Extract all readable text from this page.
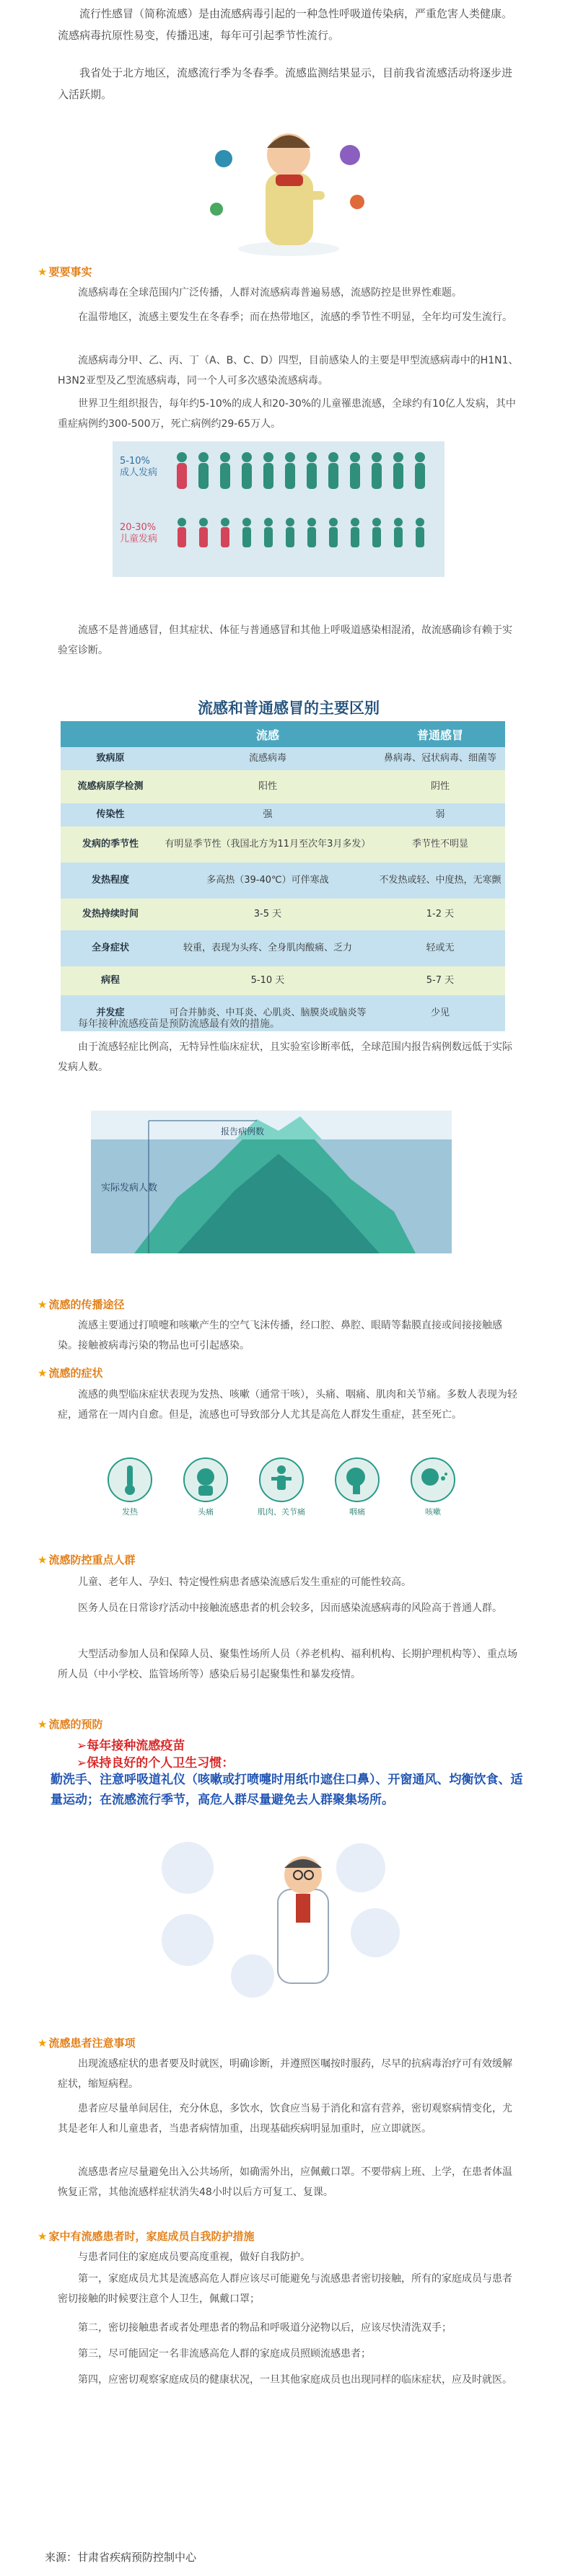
流行性感冒（简称流感）是由流感病毒引起的一种急性呼吸道传染病，严重危害人类健康。流感病毒抗原性易变，传播迅速，每年可引起季节性流行。

我省处于北方地区，流感流行季为冬春季。流感监测结果显示，目前我省流感活动将逐步进入活跃期。

★ 要要事实

流感病毒在全球范围内广泛传播，人群对流感病毒普遍易感，流感防控是世界性难题。

在温带地区，流感主要发生在冬春季；而在热带地区，流感的季节性不明显，全年均可发生流行。

流感病毒分甲、乙、丙、丁（A、B、C、D）四型，目前感染人的主要是甲型流感病毒中的H1N1、H3N2亚型及乙型流感病毒，同一个人可多次感染流感病毒。

世界卫生组织报告，每年约5-10%的成人和20-30%的儿童罹患流感，全球约有10亿人发病，其中重症病例约300-500万，死亡病例约29-65万人。

5-10%
成人发病
20-30%
儿童发病

流感不是普通感冒，但其症状、体征与普通感冒和其他上呼吸道感染相混淆，故流感确诊有赖于实验室诊断。

流感和普通感冒的主要区别
	流感	普通感冒
致病原	流感病毒	鼻病毒、冠状病毒、细菌等
流感病原学检测	阳性	阴性
传染性	强	弱
发病的季节性	有明显季节性（我国北方为11月至次年3月多发）	季节性不明显
发热程度	多高热（39-40℃）可伴寒战	不发热或轻、中度热，无寒颤
发热持续时间	3-5 天	1-2 天
全身症状	较重，表现为头疼、全身肌肉酸痛、乏力	轻或无
病程	5-10 天	5-7 天
并发症	可合并肺炎、中耳炎、心肌炎、脑膜炎或脑炎等	少见

每年接种流感疫苗是预防流感最有效的措施。

由于流感轻症比例高，无特异性临床症状，且实验室诊断率低，全球范围内报告病例数远低于实际发病人数。

报告病例数
实际发病人数
★ 流感的传播途径

流感主要通过打喷嚏和咳嗽产生的空气飞沫传播，经口腔、鼻腔、眼睛等黏膜直接或间接接触感染。接触被病毒污染的物品也可引起感染。

★ 流感的症状

流感的典型临床症状表现为发热、咳嗽（通常干咳），头痛、咽痛、肌肉和关节痛。多数人表现为轻症，通常在一周内自愈。但是，流感也可导致部分人尤其是高危人群发生重症，甚至死亡。

发热	头痛	肌肉、关节痛	咽痛	咳嗽
★ 流感防控重点人群

儿童、老年人、孕妇、特定慢性病患者感染流感后发生重症的可能性较高。

医务人员在日常诊疗活动中接触流感患者的机会较多，因而感染流感病毒的风险高于普通人群。

大型活动参加人员和保障人员、聚集性场所人员（养老机构、福利机构、长期护理机构等）、重点场所人员（中小学校、监管场所等）感染后易引起聚集性和暴发疫情。

★ 流感的预防
➢每年接种流感疫苗
➢保持良好的个人卫生习惯：

勤洗手、注意呼吸道礼仪（咳嗽或打喷嚏时用纸巾遮住口鼻）、开窗通风、均衡饮食、适量运动；在流感流行季节，高危人群尽量避免去人群聚集场所。

★ 流感患者注意事项

出现流感症状的患者要及时就医，明确诊断，并遵照医嘱按时服药，尽早的抗病毒治疗可有效缓解症状，缩短病程。

患者应尽量单间居住，充分休息，多饮水，饮食应当易于消化和富有营养，密切观察病情变化，尤其是老年人和儿童患者，当患者病情加重，出现基础疾病明显加重时，应立即就医。

流感患者应尽量避免出入公共场所，如确需外出，应佩戴口罩。不要带病上班、上学，在患者体温恢复正常，其他流感样症状消失48小时以后方可复工、复课。

★ 家中有流感患者时，家庭成员自我防护措施

与患者同住的家庭成员要高度重视，做好自我防护。

第一，家庭成员尤其是流感高危人群应该尽可能避免与流感患者密切接触，所有的家庭成员与患者密切接触的时候要注意个人卫生，佩戴口罩；

第二，密切接触患者或者处理患者的物品和呼吸道分泌物以后，应该尽快清洗双手；

第三，尽可能固定一名非流感高危人群的家庭成员照顾流感患者；

第四，应密切观察家庭成员的健康状况，一旦其他家庭成员也出现同样的临床症状，应及时就医。

来源：甘肃省疾病预防控制中心
